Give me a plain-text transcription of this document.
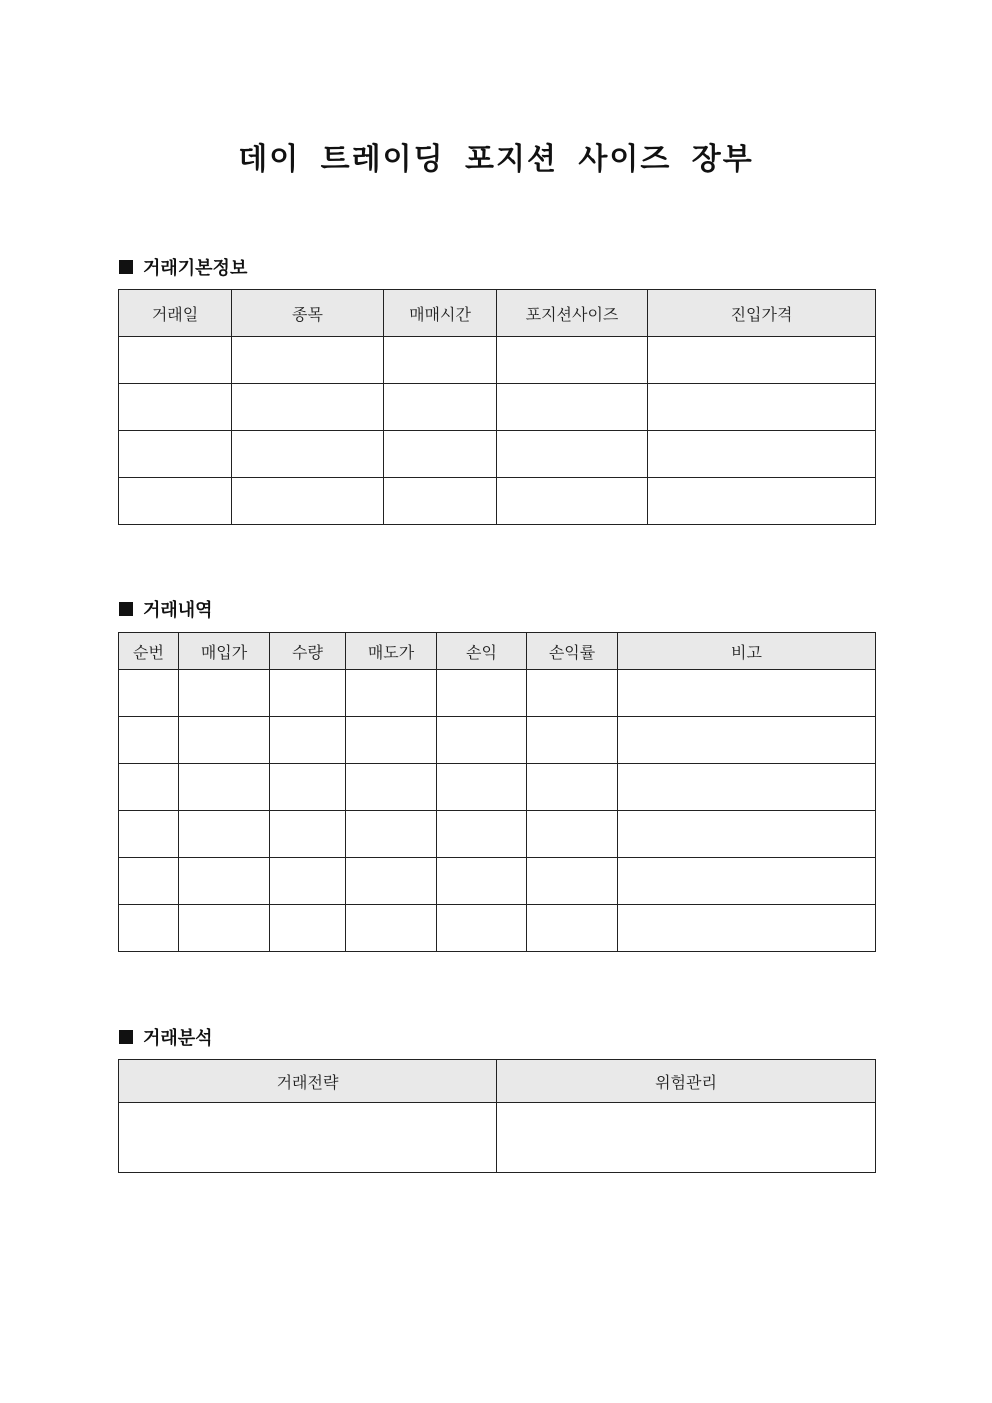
데이 트레이딩 포지션 사이즈 장부
거래기본정보
거래일	종목	매매시간	포지션사이즈	진입가격

거래내역
순번	매입가	수량	매도가	손익	손익률	비고

거래분석
거래전략	위험관리
